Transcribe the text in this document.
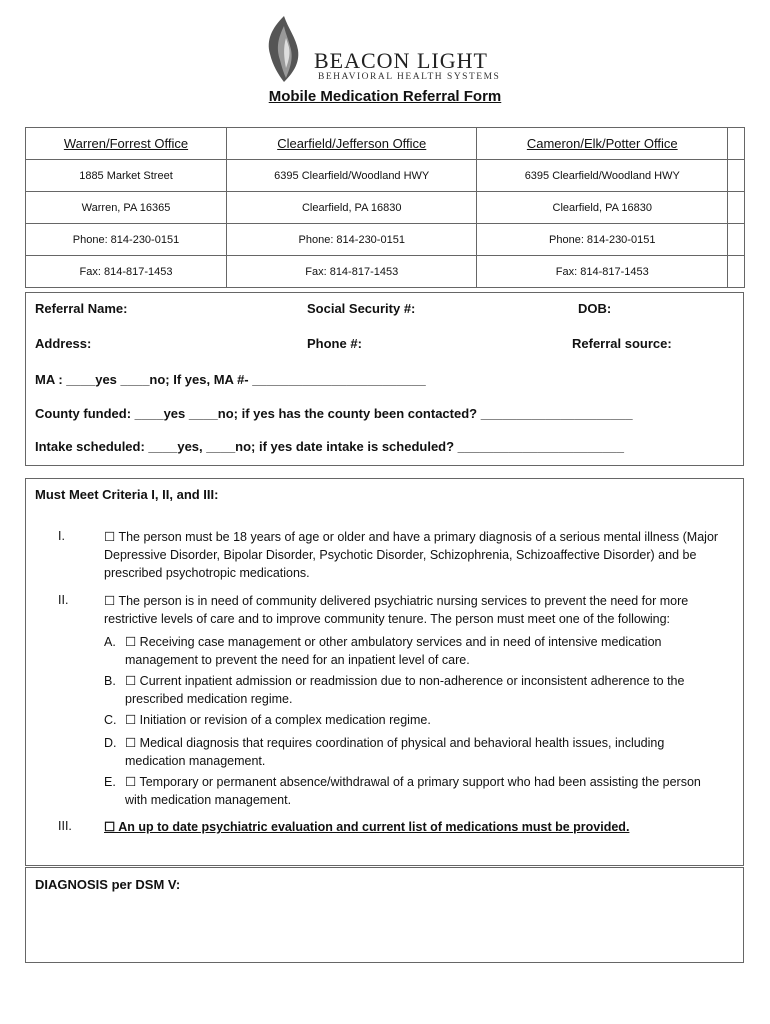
BEACON LIGHT
BEHAVIORAL HEALTH SYSTEMS
Mobile Medication Referral Form
Warren/Forrest Office	Clearfield/Jefferson Office	Cameron/Elk/Potter Office	
1885 Market Street	6395 Clearfield/Woodland HWY	6395 Clearfield/Woodland HWY	
Warren, PA 16365	Clearfield, PA 16830	Clearfield, PA 16830	
Phone: 814-230-0151	Phone: 814-230-0151	Phone: 814-230-0151	
Fax: 814-817-1453	Fax: 814-817-1453	Fax: 814-817-1453	
Referral Name:	Social Security #:	DOB:
Address:	Phone #:	Referral source:
MA : ____yes ____no; If yes, MA #- ________________________
County funded: ____yes ____no; if yes has the county been contacted? _____________________
Intake scheduled: ____yes, ____no; if yes date intake is scheduled? _______________________
Must Meet Criteria I, II, and III:
I.	☐ The person must be 18 years of age or older and have a primary diagnosis of a serious mental illness (Major Depressive Disorder, Bipolar Disorder, Psychotic Disorder, Schizophrenia, Schizoaffective Disorder) and be prescribed psychotropic medications.
II.	☐ The person is in need of community delivered psychiatric nursing services to prevent the need for more restrictive levels of care and to improve community tenure. The person must meet one of the following:
A. ☐ Receiving case management or other ambulatory services and in need of intensive medication management to prevent the need for an inpatient level of care.
B. ☐ Current inpatient admission or readmission due to non-adherence or inconsistent adherence to the prescribed medication regime.
C. ☐ Initiation or revision of a complex medication regime.
D. ☐ Medical diagnosis that requires coordination of physical and behavioral health issues, including medication management.
E. ☐ Temporary or permanent absence/withdrawal of a primary support who had been assisting the person with medication management.
III.	☐ An up to date psychiatric evaluation and current list of medications must be provided.
DIAGNOSIS per DSM V:
